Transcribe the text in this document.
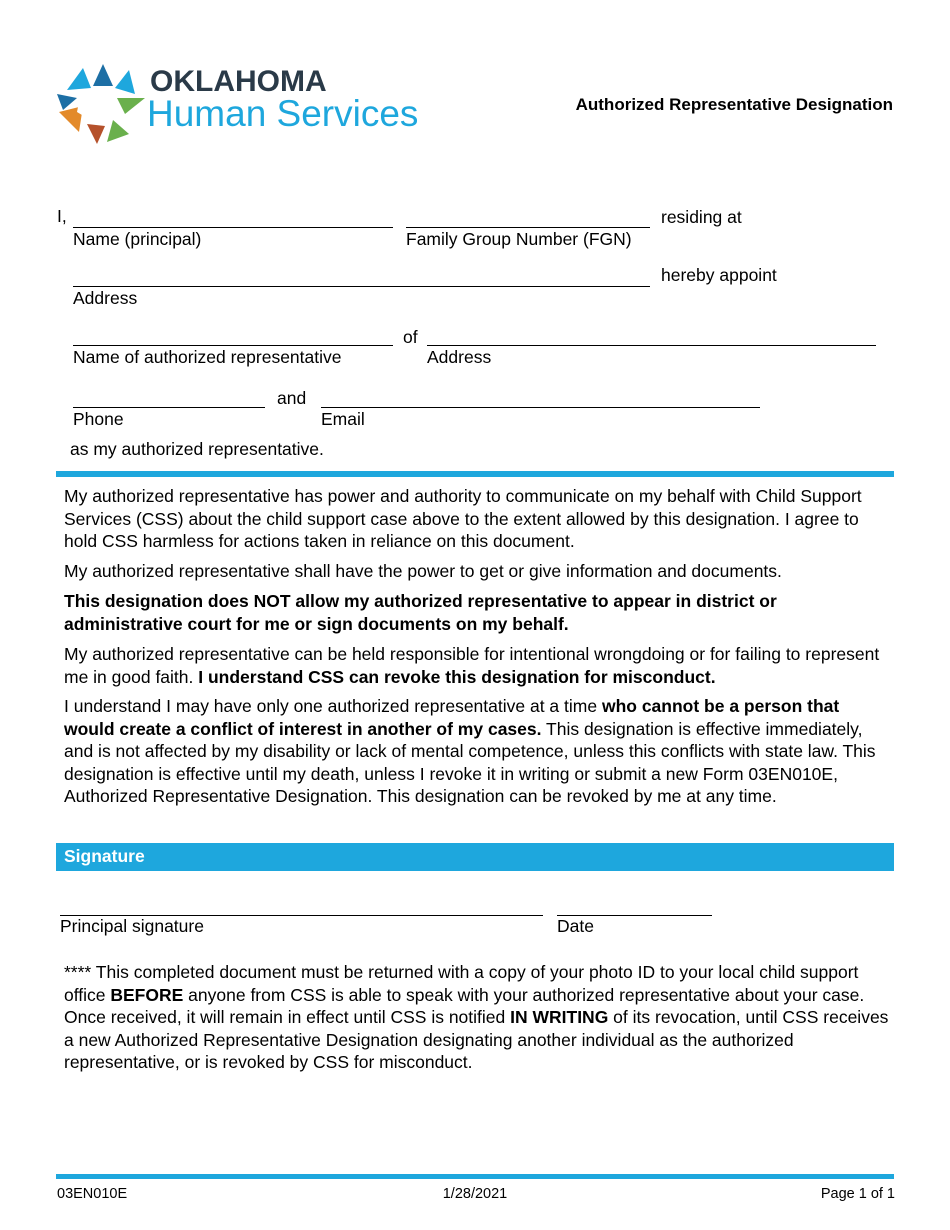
OKLAHOMA
Human Services	Authorized Representative Designation
I,
Name (principal)	Family Group Number (FGN)
residing at
Address
hereby appoint
Name of authorized representative
of
Address
Phone
and
Email
as my authorized representative.
My authorized representative has power and authority to communicate on my behalf with Child Support Services (CSS) about the child support case above to the extent allowed by this designation. I agree to hold CSS harmless for actions taken in reliance on this document.
My authorized representative shall have the power to get or give information and documents.
This designation does NOT allow my authorized representative to appear in district or administrative court for me or sign documents on my behalf.
My authorized representative can be held responsible for intentional wrongdoing or for failing to represent me in good faith. I understand CSS can revoke this designation for misconduct.
I understand I may have only one authorized representative at a time who cannot be a person that would create a conflict of interest in another of my cases. This designation is effective immediately, and is not affected by my disability or lack of mental competence, unless this conflicts with state law. This designation is effective until my death, unless I revoke it in writing or submit a new Form 03EN010E, Authorized Representative Designation. This designation can be revoked by me at any time.
Signature
Principal signature	Date
**** This completed document must be returned with a copy of your photo ID to your local child support office BEFORE anyone from CSS is able to speak with your authorized representative about your case. Once received, it will remain in effect until CSS is notified IN WRITING of its revocation, until CSS receives a new Authorized Representative Designation designating another individual as the authorized representative, or is revoked by CSS for misconduct.
03EN010E	1/28/2021	Page 1 of 1
